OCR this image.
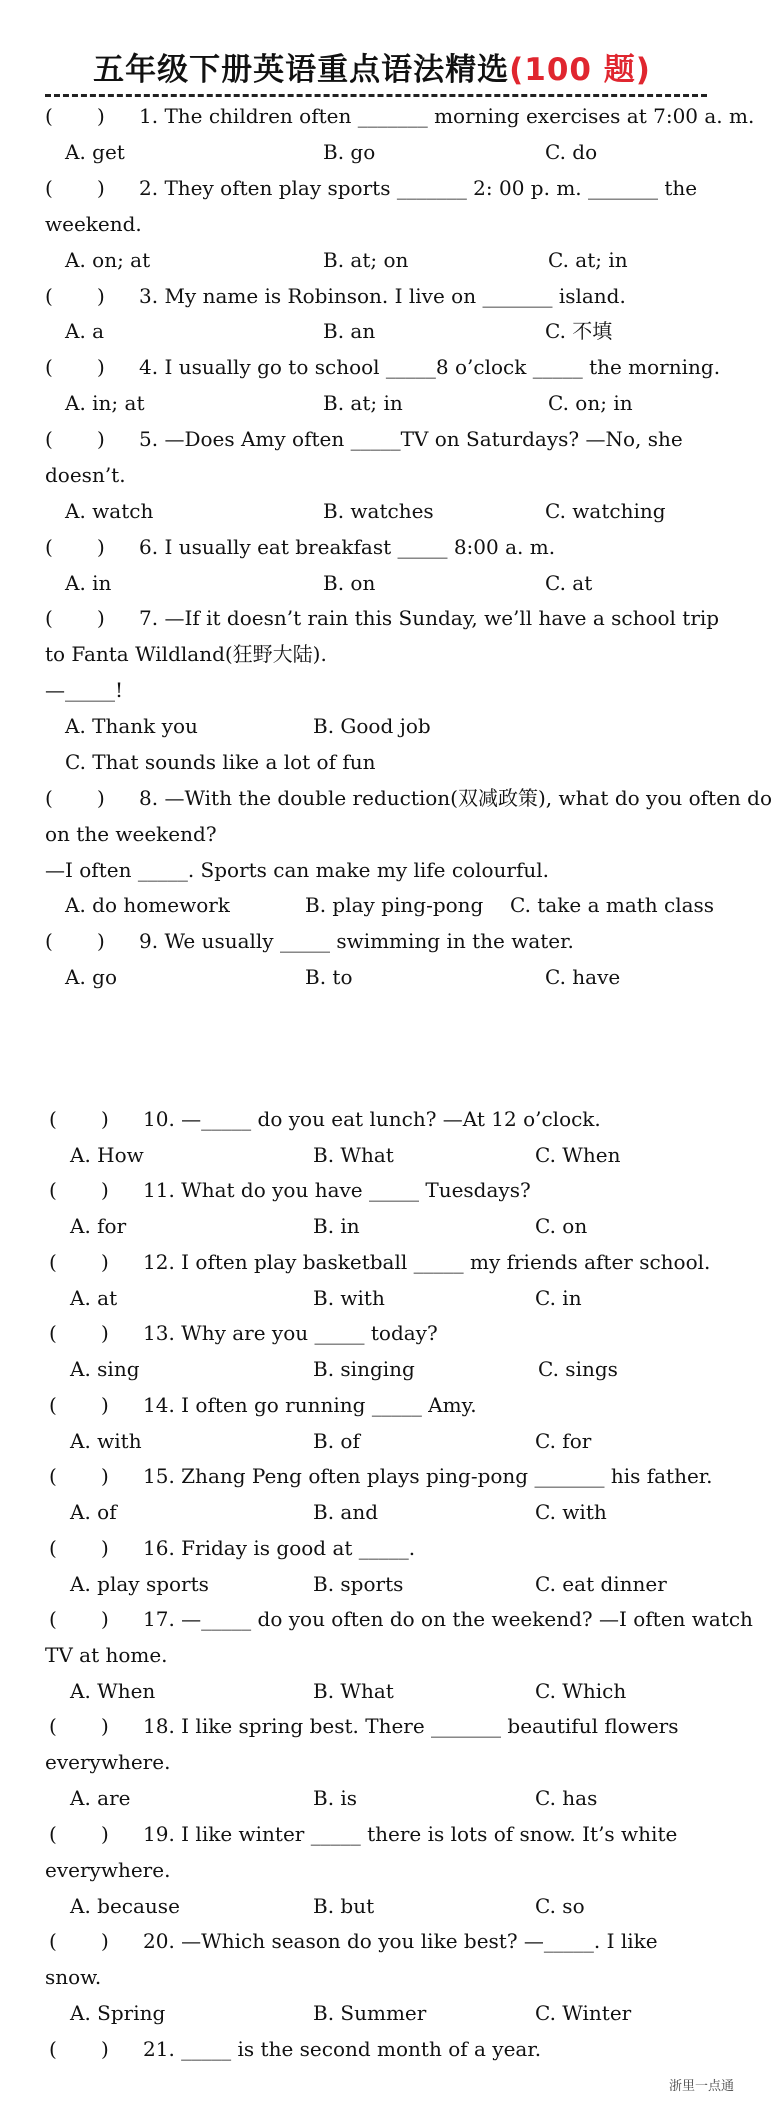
五年级下册英语重点语法精选(100 题)
( ) 1. The children often _______ morning exercises at 7:00 a. m.
A. get	B. go	C. do
( ) 2. They often play sports _______ 2: 00 p. m. _______ the
weekend.
A. on; at	B. at; on	C. at; in
( ) 3. My name is Robinson. I live on _______ island.
A. a	B. an	C. 不填
( ) 4. I usually go to school _____8 o’clock _____ the morning.
A. in; at	B. at; in	C. on; in
( ) 5. —Does Amy often _____TV on Saturdays? —No, she
doesn’t.
A. watch	B. watches	C. watching
( ) 6. I usually eat breakfast _____ 8:00 a. m.
A. in	B. on	C. at
( ) 7. —If it doesn’t rain this Sunday, we’ll have a school trip
to Fanta Wildland(狂野大陆).
—_____!
A. Thank you	B. Good job
C. That sounds like a lot of fun
( ) 8. —With the double reduction(双减政策), what do you often do
on the weekend?
—I often _____. Sports can make my life colourful.
A. do homework	B. play ping-pong C. take a math class
( ) 9. We usually _____ swimming in the water.
A. go	B. to	C. have
( ) 10. —_____ do you eat lunch? —At 12 o’clock.
A. How	B. What	C. When
( ) 11. What do you have _____ Tuesdays?
A. for	B. in	C. on
( ) 12. I often play basketball _____ my friends after school.
A. at	B. with	C. in
( ) 13. Why are you _____ today?
A. sing	B. singing	C. sings
( ) 14. I often go running _____ Amy.
A. with	B. of	C. for
( ) 15. Zhang Peng often plays ping-pong _______ his father.
A. of	B. and	C. with
( ) 16. Friday is good at _____.
A. play sports	B. sports	C. eat dinner
( ) 17. —_____ do you often do on the weekend? —I often watch
TV at home.
A. When	B. What	C. Which
( ) 18. I like spring best. There _______ beautiful flowers
everywhere.
A. are	B. is	C. has
( ) 19. I like winter _____ there is lots of snow. It’s white
everywhere.
A. because	B. but	C. so
( ) 20. —Which season do you like best? —_____. I like
snow.
A. Spring	B. Summer	C. Winter
( ) 21. _____ is the second month of a year.
浙里一点通
